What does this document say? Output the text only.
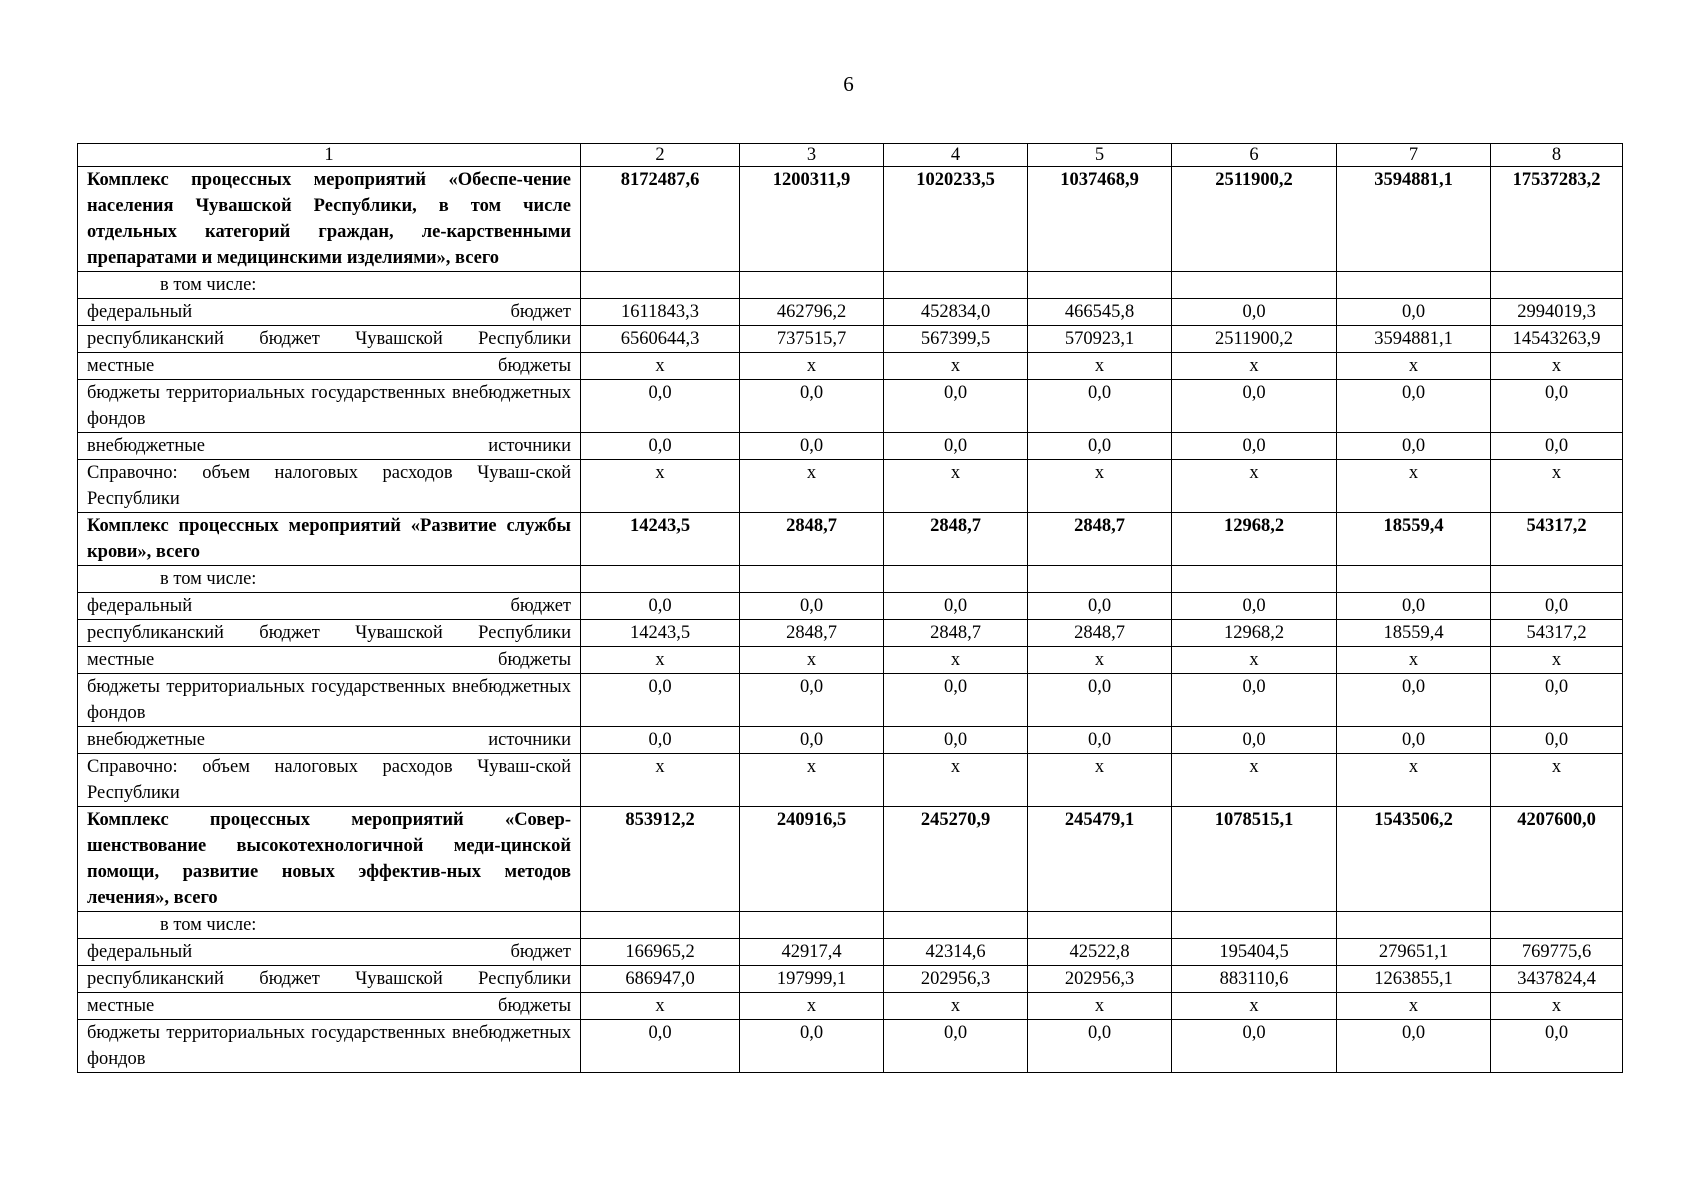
6
1	2	3	4	5	6	7	8
Комплекс процессных мероприятий «Обеспе-чение населения Чувашской Республики, в том числе отдельных категорий граждан, ле-карственными препаратами и медицинскими изделиями», всего	8172487,6	1200311,9	1020233,5	1037468,9	2511900,2	3594881,1	17537283,2
в том числе:							
федеральный бюджет	1611843,3	462796,2	452834,0	466545,8	0,0	0,0	2994019,3
республиканский бюджет Чувашской Республики	6560644,3	737515,7	567399,5	570923,1	2511900,2	3594881,1	14543263,9
местные бюджеты	x	x	x	x	x	x	x
бюджеты территориальных государственных внебюджетных фондов	0,0	0,0	0,0	0,0	0,0	0,0	0,0
внебюджетные источники	0,0	0,0	0,0	0,0	0,0	0,0	0,0
Справочно: объем налоговых расходов Чуваш-ской Республики	x	x	x	x	x	x	x
Комплекс процессных мероприятий «Развитие службы крови», всего	14243,5	2848,7	2848,7	2848,7	12968,2	18559,4	54317,2
в том числе:							
федеральный бюджет	0,0	0,0	0,0	0,0	0,0	0,0	0,0
республиканский бюджет Чувашской Республики	14243,5	2848,7	2848,7	2848,7	12968,2	18559,4	54317,2
местные бюджеты	x	x	x	x	x	x	x
бюджеты территориальных государственных внебюджетных фондов	0,0	0,0	0,0	0,0	0,0	0,0	0,0
внебюджетные источники	0,0	0,0	0,0	0,0	0,0	0,0	0,0
Справочно: объем налоговых расходов Чуваш-ской Республики	x	x	x	x	x	x	x
Комплекс процессных мероприятий «Совер-шенствование высокотехнологичной меди-цинской помощи, развитие новых эффектив-ных методов лечения», всего	853912,2	240916,5	245270,9	245479,1	1078515,1	1543506,2	4207600,0
в том числе:							
федеральный бюджет	166965,2	42917,4	42314,6	42522,8	195404,5	279651,1	769775,6
республиканский бюджет Чувашской Республики	686947,0	197999,1	202956,3	202956,3	883110,6	1263855,1	3437824,4
местные бюджеты	x	x	x	x	x	x	x
бюджеты территориальных государственных внебюджетных фондов	0,0	0,0	0,0	0,0	0,0	0,0	0,0
